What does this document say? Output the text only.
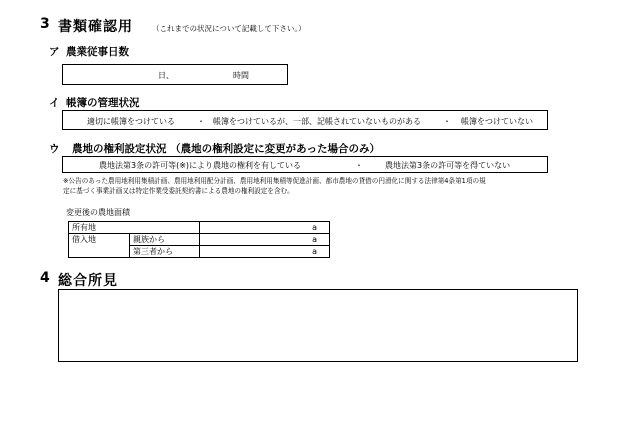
3 書類確認用	（これまでの状況について記載して下さい。）
ア 農業従事日数
日、	時間
イ 帳簿の管理状況
適切に帳簿をつけている	・ 帳簿をつけているが、一部、記帳されていないものがある	・ 帳簿をつけていない
ウ 農地の権利設定状況 （農地の権利設定に変更があった場合のみ）
農地法第3条の許可等(※)により農地の権利を有している	・	農地法第3条の許可等を得ていない
※公告のあった農用地利用集積計画、農用地利用配分計画、農用地利用集積等促進計画、都市農地の貸借の円滑化に関する法律第4条第1項の規
定に基づく事業計画又は特定作業受委託契約書による農地の権利設定を含む。
変更後の農地面積
所有地		a
借入地	親族から	a
	第三者から	a
4 総合所見
